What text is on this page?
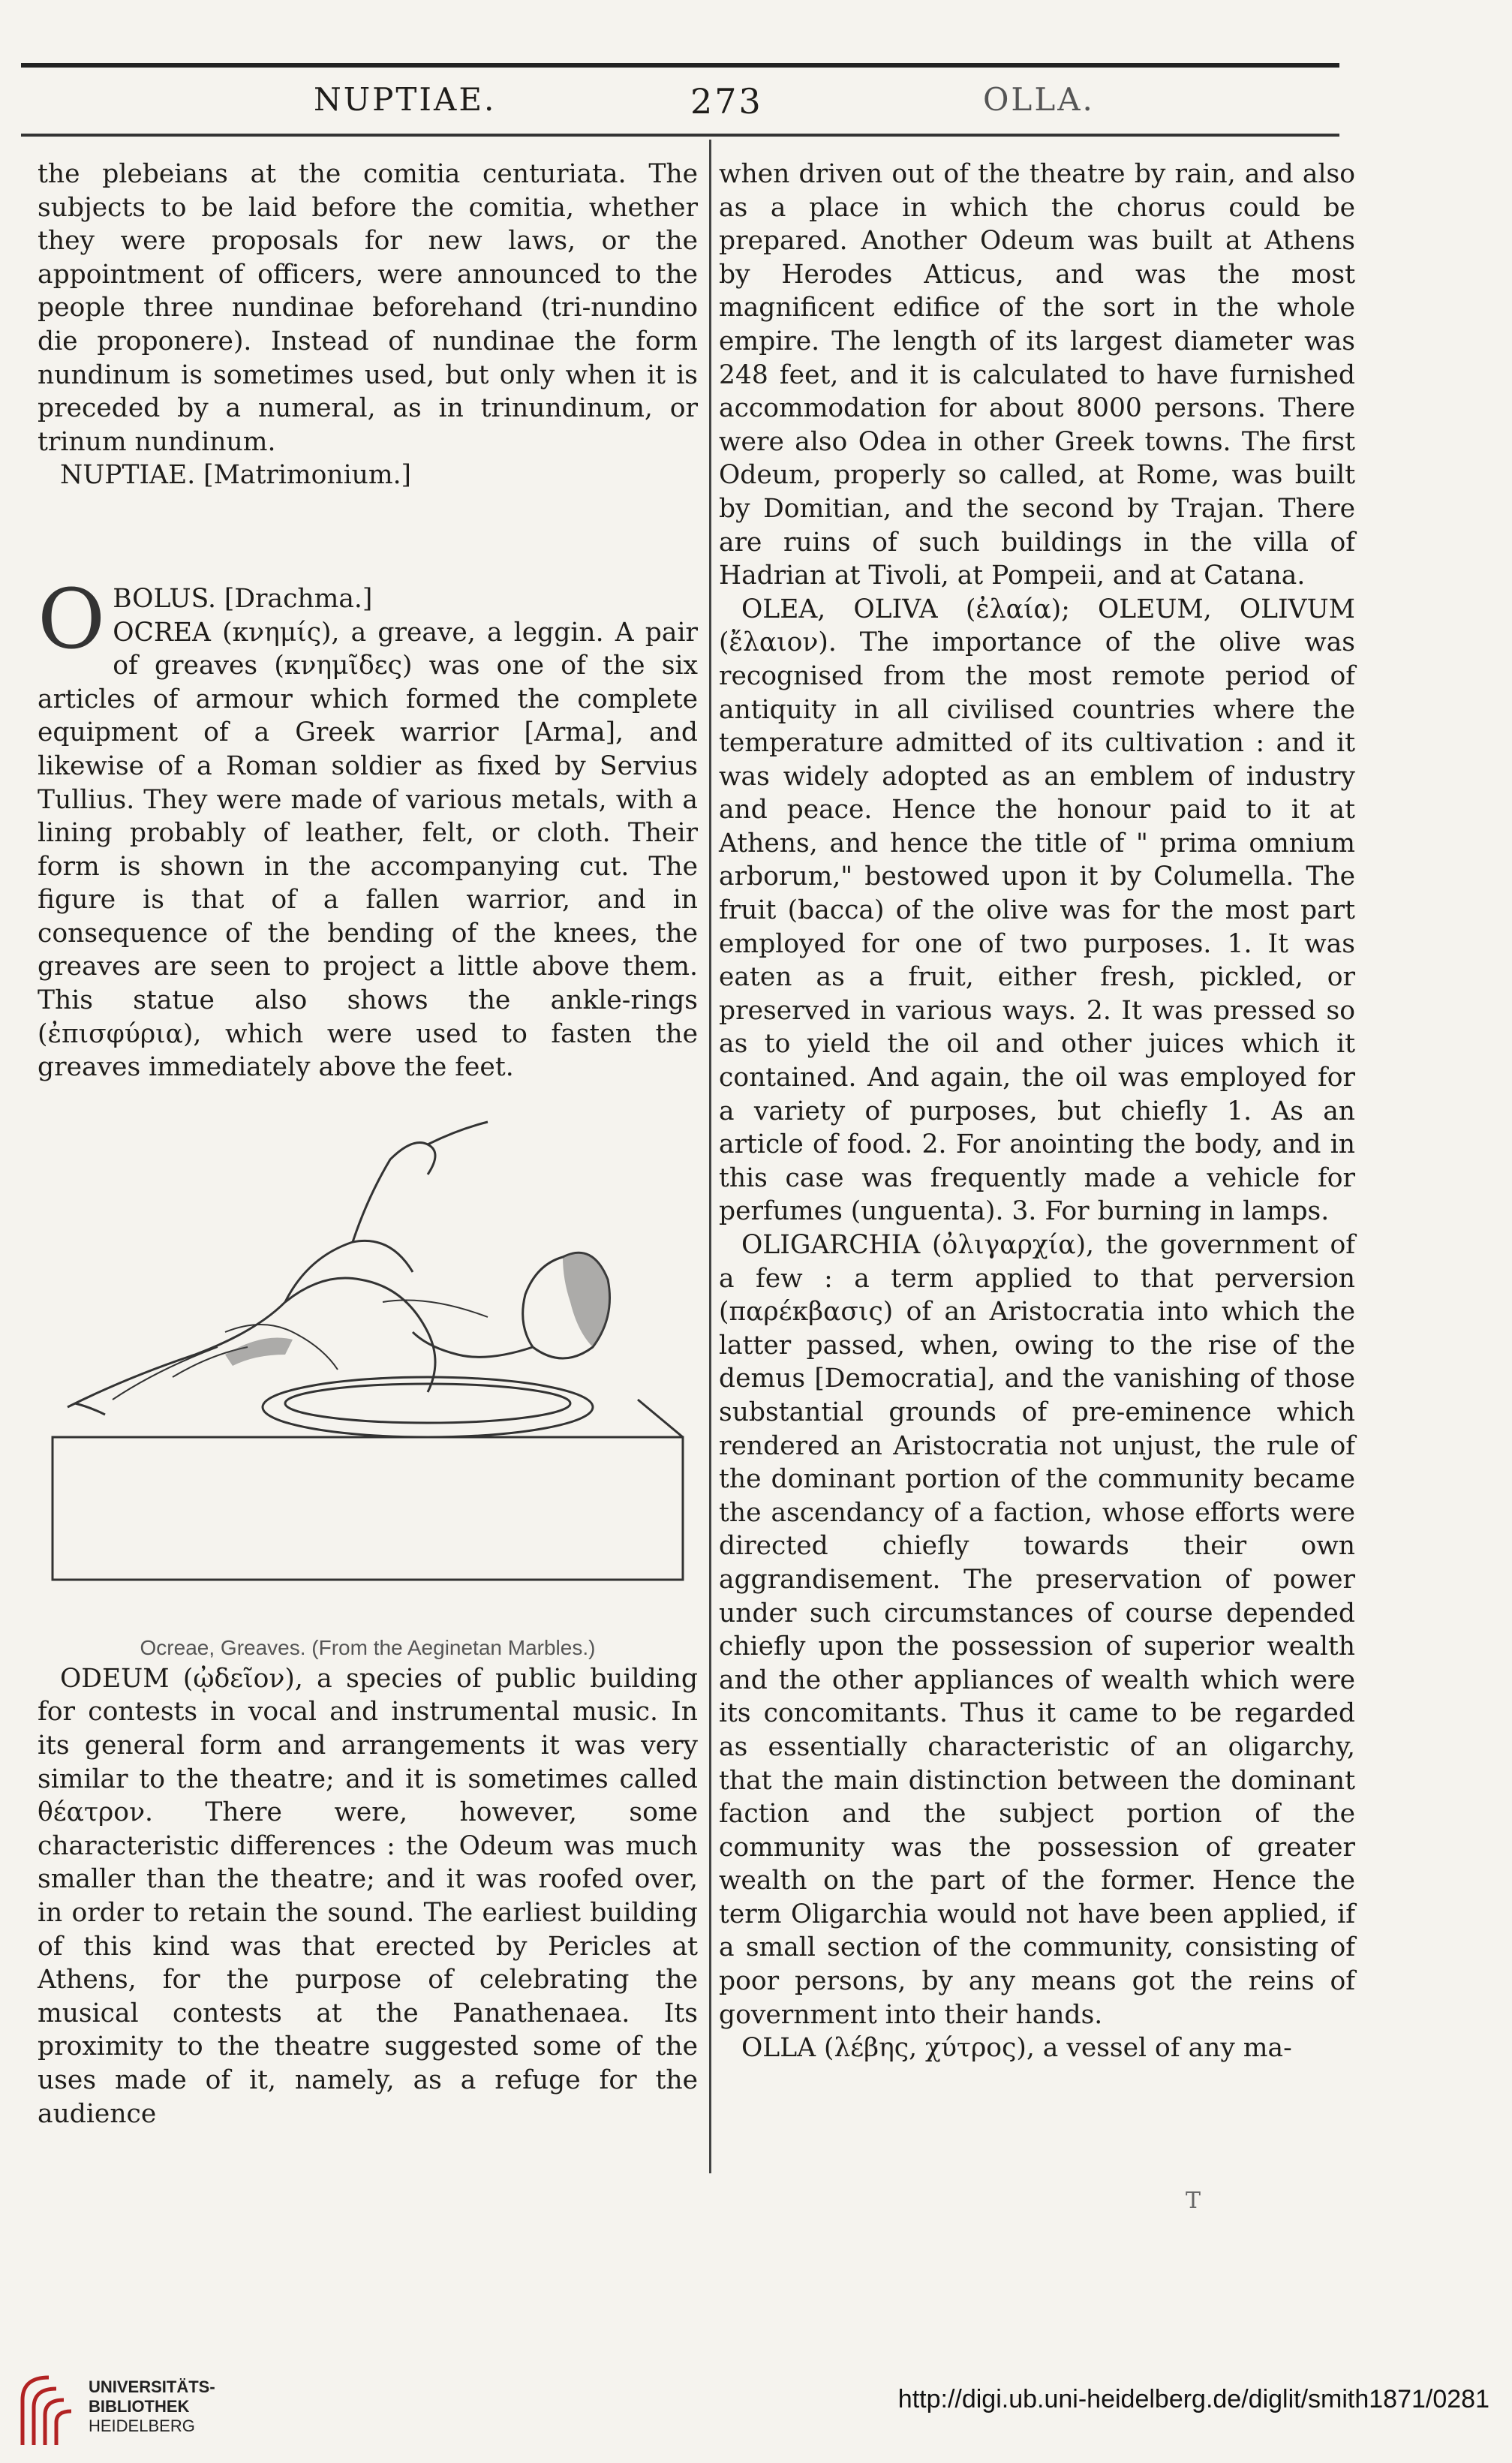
NUPTIAE.	273	OLLA.

the plebeians at the comitia centuriata. The subjects to be laid before the comitia, whether they were proposals for new laws, or the appointment of officers, were announced to the people three nundinae beforehand (tri-nundino die proponere). Instead of nundinae the form nundinum is sometimes used, but only when it is preceded by a numeral, as in trinundinum, or trinum nundinum.

NUPTIAE. [Matrimonium.]

O BOLUS. [Drachma.]

OCREA (κνημίς), a greave, a leggin. A pair of greaves (κνημῖδες) was one of the six articles of armour which formed the complete equipment of a Greek warrior [Arma], and likewise of a Roman soldier as fixed by Servius Tullius. They were made of various metals, with a lining probably of leather, felt, or cloth. Their form is shown in the accompanying cut. The figure is that of a fallen warrior, and in consequence of the bending of the knees, the greaves are seen to project a little above them. This statue also shows the ankle-rings (ἐπισφύρια), which were used to fasten the greaves immediately above the feet.

Ocreae, Greaves. (From the Aeginetan Marbles.)

ODEUM (ᾠδεῖον), a species of public building for contests in vocal and instrumental music. In its general form and arrangements it was very similar to the theatre; and it is sometimes called θέατρον. There were, however, some characteristic differences : the Odeum was much smaller than the theatre; and it was roofed over, in order to retain the sound. The earliest building of this kind was that erected by Pericles at Athens, for the purpose of celebrating the musical contests at the Panathenaea. Its proximity to the theatre suggested some of the uses made of it, namely, as a refuge for the audience

when driven out of the theatre by rain, and also as a place in which the chorus could be prepared. Another Odeum was built at Athens by Herodes Atticus, and was the most magnificent edifice of the sort in the whole empire. The length of its largest diameter was 248 feet, and it is calculated to have furnished accommodation for about 8000 persons. There were also Odea in other Greek towns. The first Odeum, properly so called, at Rome, was built by Domitian, and the second by Trajan. There are ruins of such buildings in the villa of Hadrian at Tivoli, at Pompeii, and at Catana.

OLEA, OLIVA (ἐλαία); OLEUM, OLIVUM (ἔλαιον). The importance of the olive was recognised from the most remote period of antiquity in all civilised countries where the temperature admitted of its cultivation : and it was widely adopted as an emblem of industry and peace. Hence the honour paid to it at Athens, and hence the title of " prima omnium arborum," bestowed upon it by Columella. The fruit (bacca) of the olive was for the most part employed for one of two purposes. 1. It was eaten as a fruit, either fresh, pickled, or preserved in various ways. 2. It was pressed so as to yield the oil and other juices which it contained. And again, the oil was employed for a variety of purposes, but chiefly 1. As an article of food. 2. For anointing the body, and in this case was frequently made a vehicle for perfumes (unguenta). 3. For burning in lamps.

OLIGARCHIA (ὀλιγαρχία), the government of a few : a term applied to that perversion (παρέκβασις) of an Aristocratia into which the latter passed, when, owing to the rise of the demus [Democratia], and the vanishing of those substantial grounds of pre-eminence which rendered an Aristocratia not unjust, the rule of the dominant portion of the community became the ascendancy of a faction, whose efforts were directed chiefly towards their own aggrandisement. The preservation of power under such circumstances of course depended chiefly upon the possession of superior wealth and the other appliances of wealth which were its concomitants. Thus it came to be regarded as essentially characteristic of an oligarchy, that the main distinction between the dominant faction and the subject portion of the community was the possession of greater wealth on the part of the former. Hence the term Oligarchia would not have been applied, if a small section of the community, consisting of poor persons, by any means got the reins of government into their hands.

OLLA (λέβης, χύτρος), a vessel of any ma-

T
UNIVERSITÄTS-
BIBLIOTHEK
HEIDELBERG
http://digi.ub.uni-heidelberg.de/diglit/smith1871/0281
